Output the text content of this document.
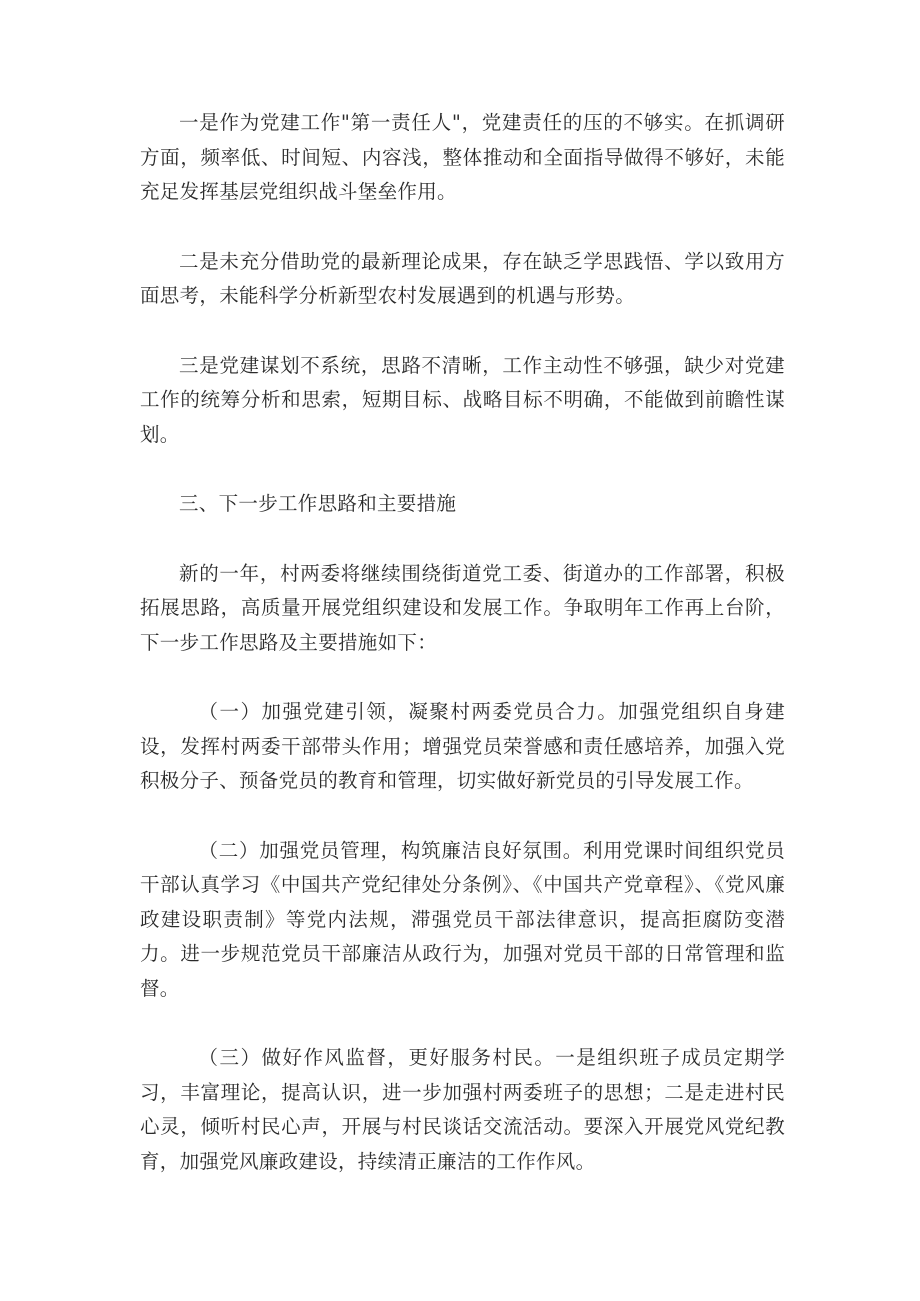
一是作为党建工作"第一责任人"，党建责任的压的不够实。在抓调研方面，频率低、时间短、内容浅，整体推动和全面指导做得不够好，未能充足发挥基层党组织战斗堡垒作用。

二是未充分借助党的最新理论成果，存在缺乏学思践悟、学以致用方面思考，未能科学分析新型农村发展遇到的机遇与形势。

三是党建谋划不系统，思路不清晰，工作主动性不够强，缺少对党建工作的统筹分析和思索，短期目标、战略目标不明确，不能做到前瞻性谋划。

三、下一步工作思路和主要措施

新的一年，村两委将继续围绕街道党工委、街道办的工作部署，积极拓展思路，高质量开展党组织建设和发展工作。争取明年工作再上台阶，下一步工作思路及主要措施如下：

（一）加强党建引领，凝聚村两委党员合力。加强党组织自身建设，发挥村两委干部带头作用；增强党员荣誉感和责任感培养，加强入党积极分子、预备党员的教育和管理，切实做好新党员的引导发展工作。

（二）加强党员管理，构筑廉洁良好氛围。利用党课时间组织党员干部认真学习《中国共产党纪律处分条例》、《中国共产党章程》、《党风廉政建设职责制》等党内法规，滞强党员干部法律意识，提高拒腐防变潜力。进一步规范党员干部廉洁从政行为，加强对党员干部的日常管理和监督。

（三）做好作风监督，更好服务村民。一是组织班子成员定期学习，丰富理论，提高认识，进一步加强村两委班子的思想；二是走进村民心灵，倾听村民心声，开展与村民谈话交流活动。要深入开展党风党纪教育，加强党风廉政建设，持续清正廉洁的工作作风。
